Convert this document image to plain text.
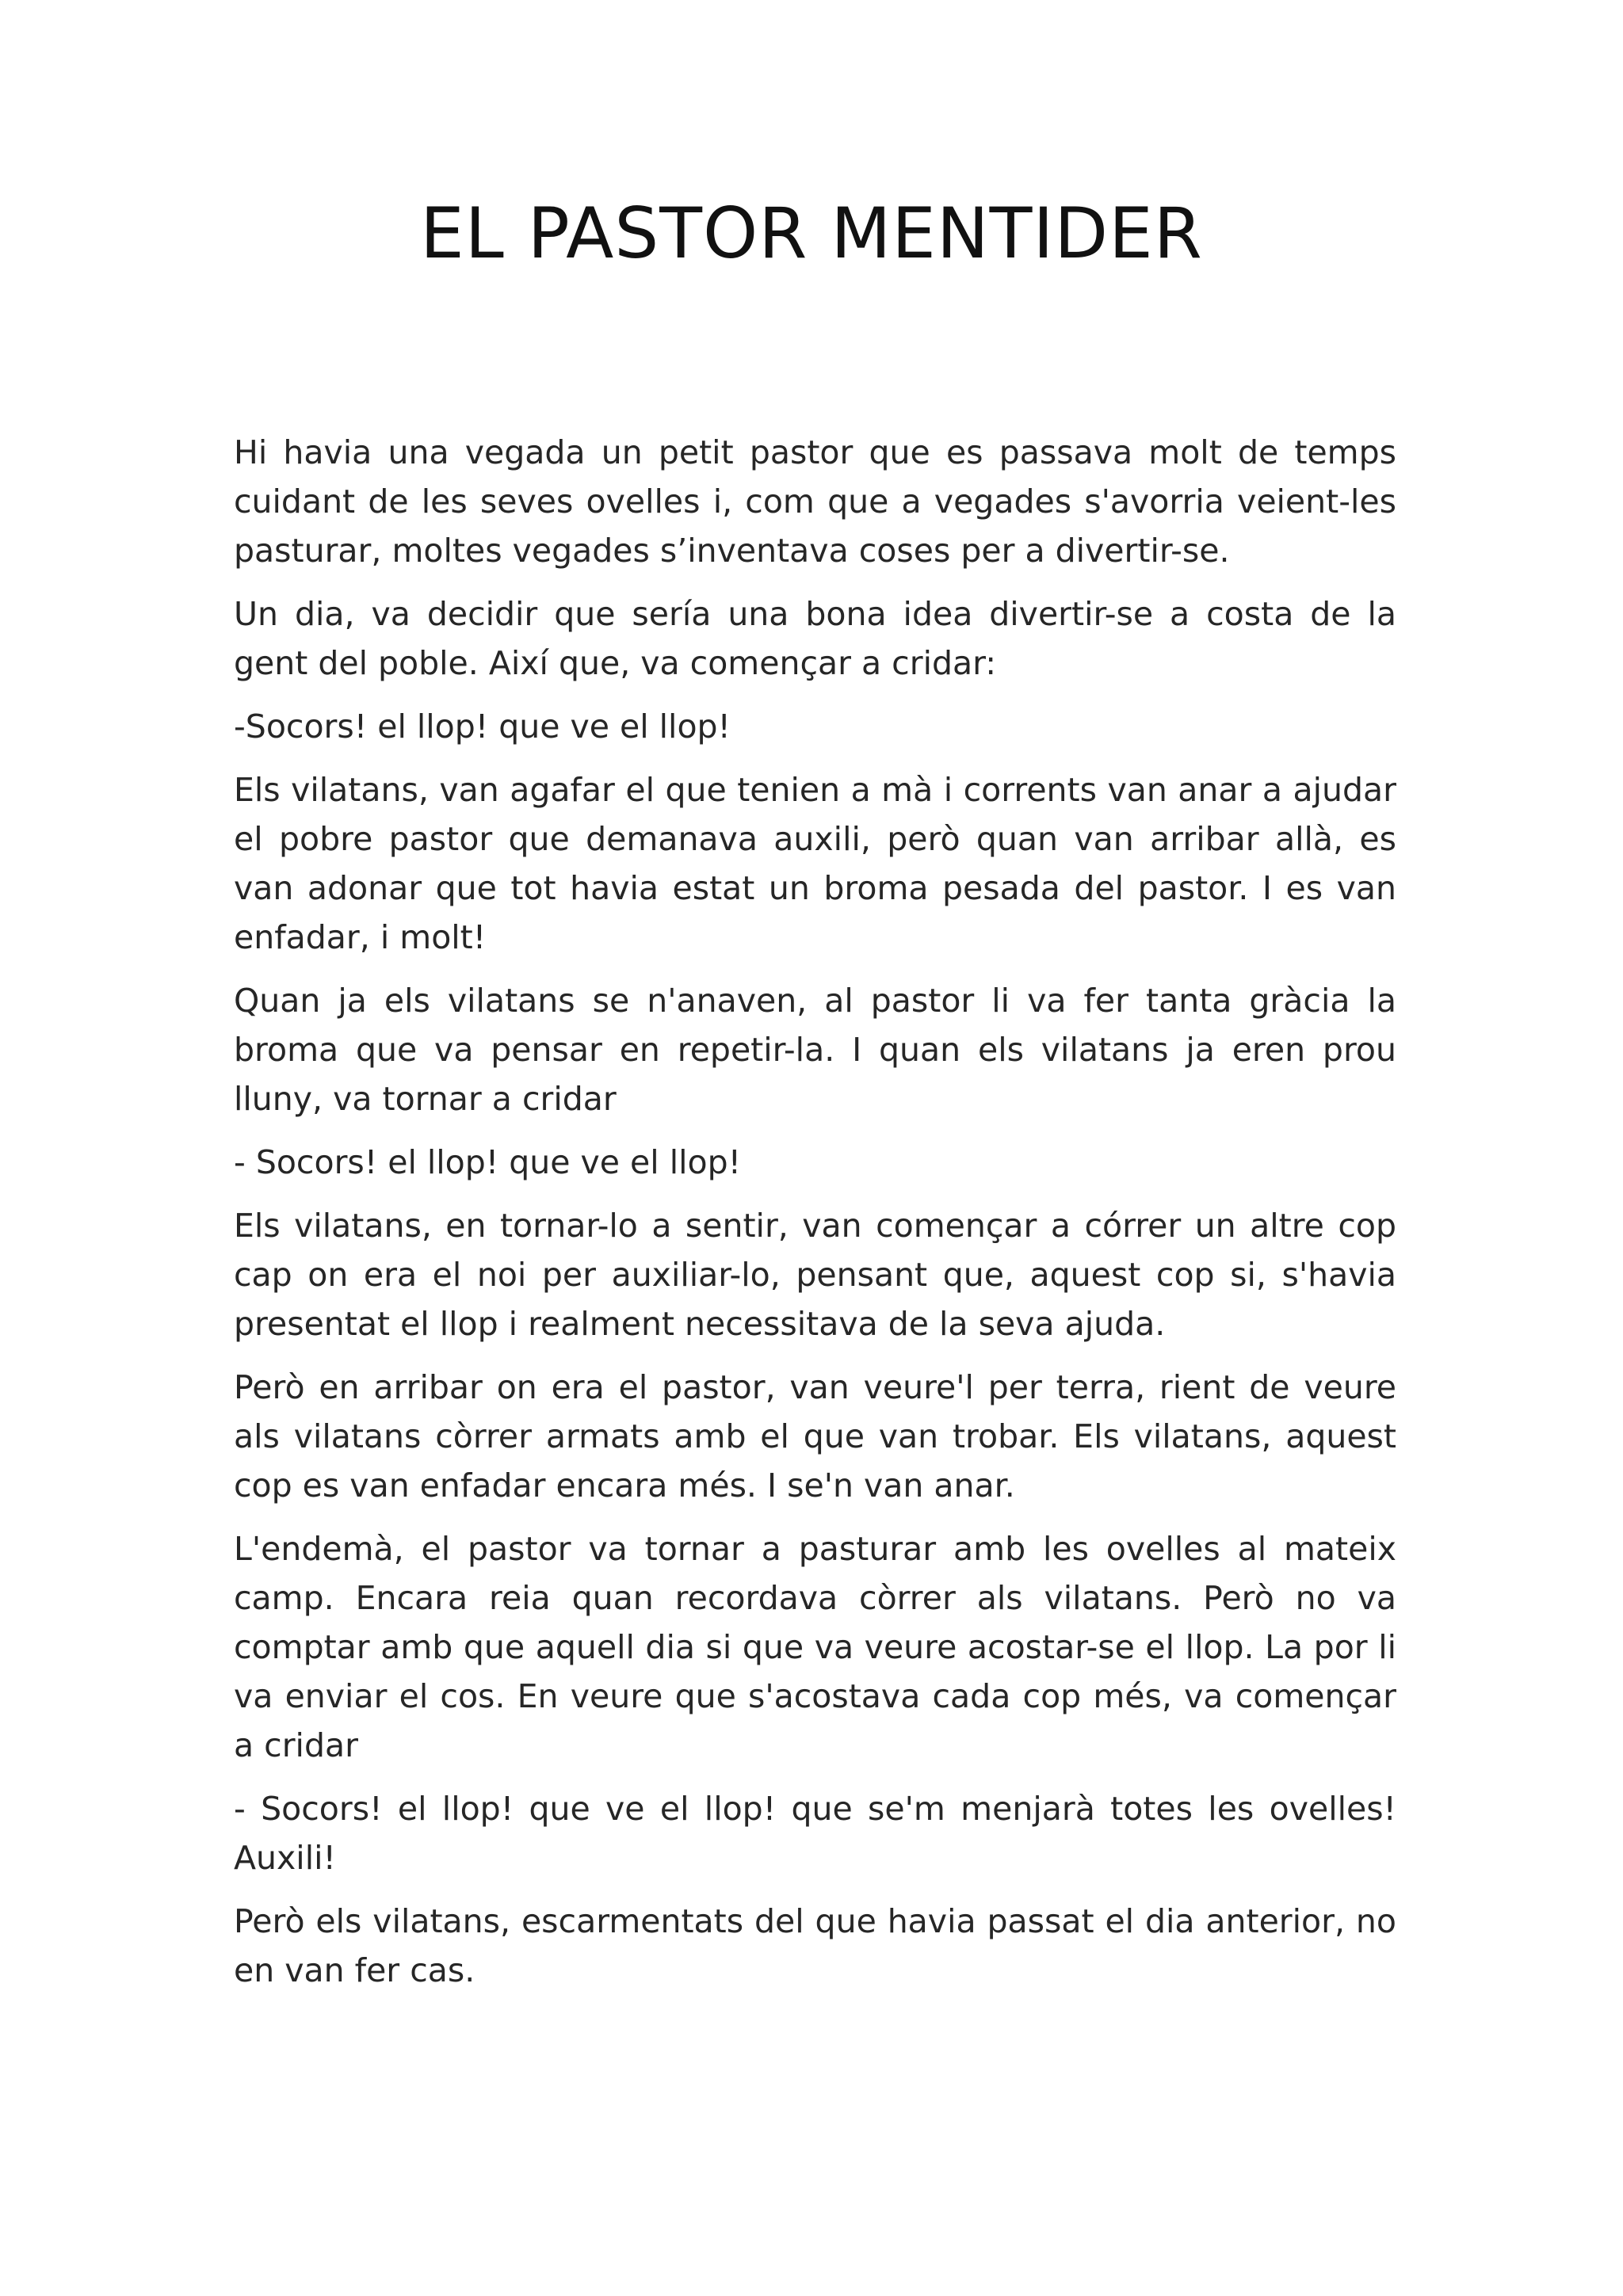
EL PASTOR MENTIDER

Hi havia una vegada un petit pastor que es passava molt de temps cuidant de les seves ovelles i, com que a vegades s'avorria veient-les pasturar, moltes vegades s’inventava coses per a divertir-se.

Un dia, va decidir que sería una bona idea divertir-se a costa de la gent del poble. Així que, va començar a cridar:

-Socors! el llop! que ve el llop!

Els vilatans, van agafar el que tenien a mà i corrents van anar a ajudar el pobre pastor que demanava auxili, però quan van arribar allà, es van adonar que tot havia estat un broma pesada del pastor. I es van enfadar, i molt!

Quan ja els vilatans se n'anaven, al pastor li va fer tanta gràcia la broma que va pensar en repetir-la. I quan els vilatans ja eren prou lluny, va tornar a cridar

- Socors! el llop! que ve el llop!

Els vilatans, en tornar-lo a sentir, van començar a córrer un altre cop cap on era el noi per auxiliar-lo, pensant que, aquest cop si, s'havia presentat el llop i realment necessitava de la seva ajuda.

Però en arribar on era el pastor, van veure'l per terra, rient de veure als vilatans còrrer armats amb el que van trobar. Els vilatans, aquest cop es van enfadar encara més. I se'n van anar.

L'endemà, el pastor va tornar a pasturar amb les ovelles al mateix camp. Encara reia quan recordava còrrer als vilatans. Però no va comptar amb que aquell dia si que va veure acostar-se el llop. La por li va enviar el cos. En veure que s'acostava cada cop més, va començar a cridar

- Socors! el llop! que ve el llop! que se'm menjarà totes les ovelles! Auxili!

Però els vilatans, escarmentats del que havia passat el dia anterior, no en van fer cas.
